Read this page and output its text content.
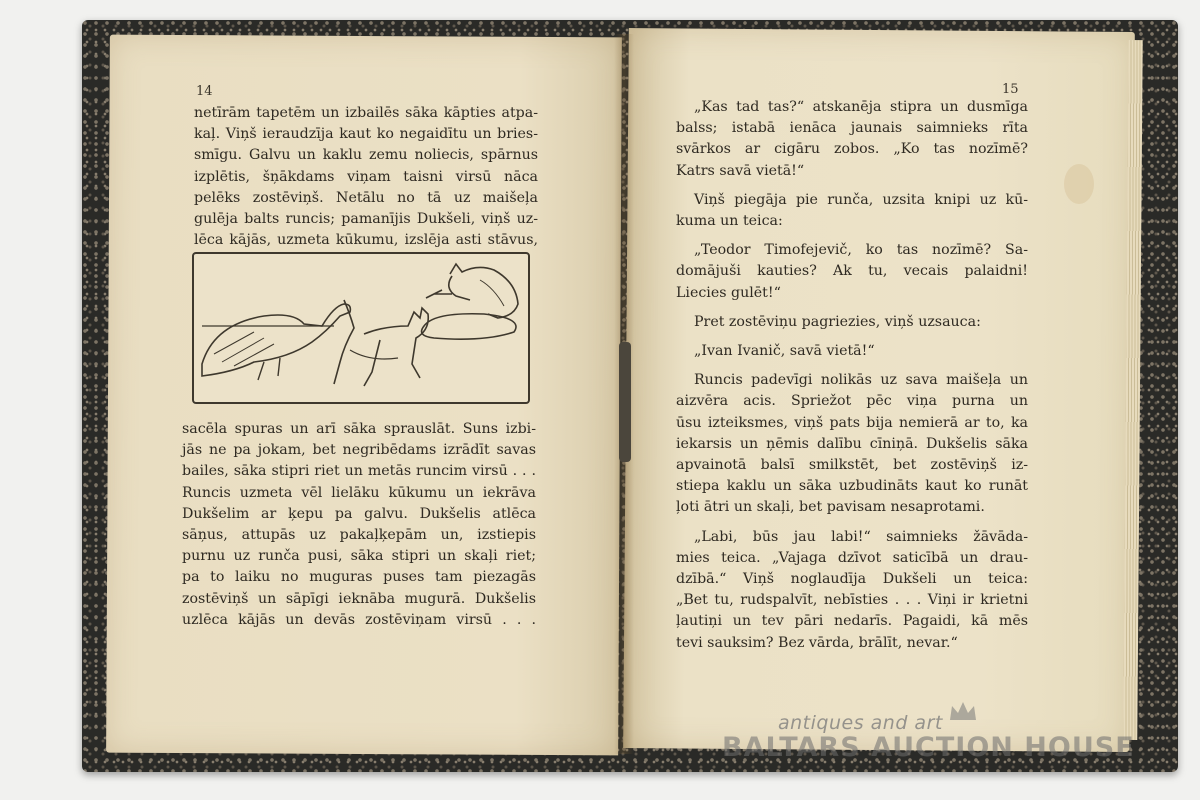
14

netīrām tapetēm un izbailēs sāka kāpties atpa-

kaļ. Viņš ieraudzīja kaut ko negaidītu un bries-

smīgu. Galvu un kaklu zemu noliecis, spārnus

izplētis, šņākdams viņam taisni virsū nāca

pelēks zostēviņš. Netālu no tā uz maišeļa

gulēja balts runcis; pamanījis Dukšeli, viņš uz-

lēca kājās, uzmeta kūkumu, izslēja asti stāvus,

sacēla spuras un arī sāka sprauslāt. Suns izbi-

jās ne pa jokam, bet negribēdams izrādīt savas

bailes, sāka stipri riet un metās runcim virsū . . .

Runcis uzmeta vēl lielāku kūkumu un iekrāva

Dukšelim ar ķepu pa galvu. Dukšelis atlēca

sāņus, attupās uz pakaļķepām un, izstiepis

purnu uz runča pusi, sāka stipri un skaļi riet;

pa to laiku no muguras puses tam piezagās

zostēviņš un sāpīgi ieknāba mugurā. Dukšelis

uzlēca kājās un devās zostēviņam virsū . . .

15

„Kas tad tas?“ atskanēja stipra un dusmīga

balss; istabā ienāca jaunais saimnieks rīta

svārkos ar cigāru zobos. „Ko tas nozīmē?

Katrs savā vietā!“

Viņš piegāja pie runča, uzsita knipi uz kū-

kuma un teica:

„Teodor Timofejevič, ko tas nozīmē? Sa-

domājuši kauties? Ak tu, vecais palaidni!

Liecies gulēt!“

Pret zostēviņu pagriezies, viņš uzsauca:

„Ivan Ivanič, savā vietā!“

Runcis padevīgi nolikās uz sava maišeļa un

aizvēra acis. Spriežot pēc viņa purna un

ūsu izteiksmes, viņš pats bija nemierā ar to, ka

iekarsis un ņēmis dalību cīniņā. Dukšelis sāka

apvainotā balsī smilkstēt, bet zostēviņš iz-

stiepa kaklu un sāka uzbudināts kaut ko runāt

ļoti ātri un skaļi, bet pavisam nesaprotami.

„Labi, būs jau labi!“ saimnieks žāvāda-

mies teica. „Vajaga dzīvot saticībā un drau-

dzībā.“ Viņš noglaudīja Dukšeli un teica:

„Bet tu, rudspalvīt, nebīsties . . . Viņi ir krietni

ļautiņi un tev pāri nedarīs. Pagaidi, kā mēs

tevi sauksim? Bez vārda, brālīt, nevar.“

antiques and art
BALTARS AUCTION HOUSE
